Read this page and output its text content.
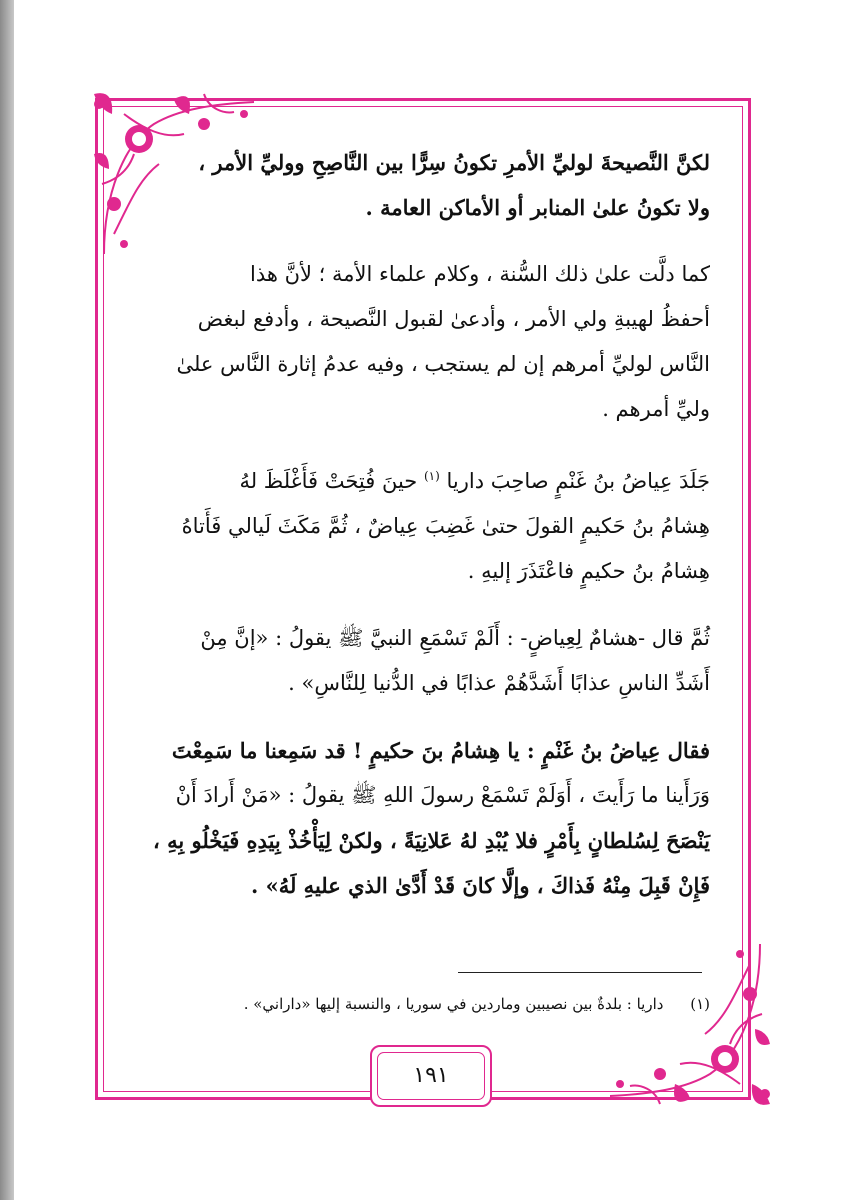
لكنَّ النَّصيحةَ لوليِّ الأمرِ تكونُ سِرًّا بين النَّاصِحِ ووليِّ الأمر ،
ولا تكونُ علىٰ المنابر أو الأماكن العامة .

كما دلَّت علىٰ ذلك السُّنة ، وكلام علماء الأمة ؛ لأنَّ هذا
أحفظُ لهيبةِ ولي الأمر ، وأدعىٰ لقبول النَّصيحة ، وأدفع لبغض
النَّاس لوليِّ أمرهم إن لم يستجب ، وفيه عدمُ إثارة النَّاس علىٰ
وليِّ أمرهم .

جَلَدَ عِياضُ بنُ غَنْمٍ صاحِبَ داريا $^{(١)}$ حينَ فُتِحَتْ فَأَغْلَظَ لهُ
هِشامُ بنُ حَكيمٍ القولَ حتىٰ غَضِبَ عِياضٌ ، ثُمَّ مَكَثَ لَيالي فَأَتاهُ
هِشامُ بنُ حكيمٍ فاعْتَذَرَ إليهِ .

ثُمَّ قال -هشامٌ لِعِياضٍ- : أَلَمْ تَسْمَعِ النبيَّ ﷺ يقولُ : «إنَّ مِنْ
أَشَدِّ الناسِ عذابًا أَشَدَّهُمْ عذابًا في الدُّنيا لِلنَّاسِ» .

فقال عِياضُ بنُ غَنْمٍ : يا هِشامُ بنَ حكيمٍ ! قد سَمِعنا ما سَمِعْتَ
وَرَأَينا ما رَأَيتَ ، أَوَلَمْ تَسْمَعْ رسولَ اللهِ ﷺ يقولُ : «مَنْ أَرادَ أَنْ
يَنْصَحَ لِسُلطانٍ بِأَمْرٍ فلا يُبْدِ لهُ عَلانِيَةً ، ولكنْ لِيَأْخُذْ بِيَدِهِ فَيَخْلُو بِهِ ،
فَإِنْ قَبِلَ مِنْهُ فَذاكَ ، وإلَّا كانَ قَدْ أَدَّىٰ الذي عليهِ لَهُ» .

(١) داريا : بلدةٌ بين نصيبين وماردين في سوريا ، والنسبة إليها «داراني» .
١٩١
